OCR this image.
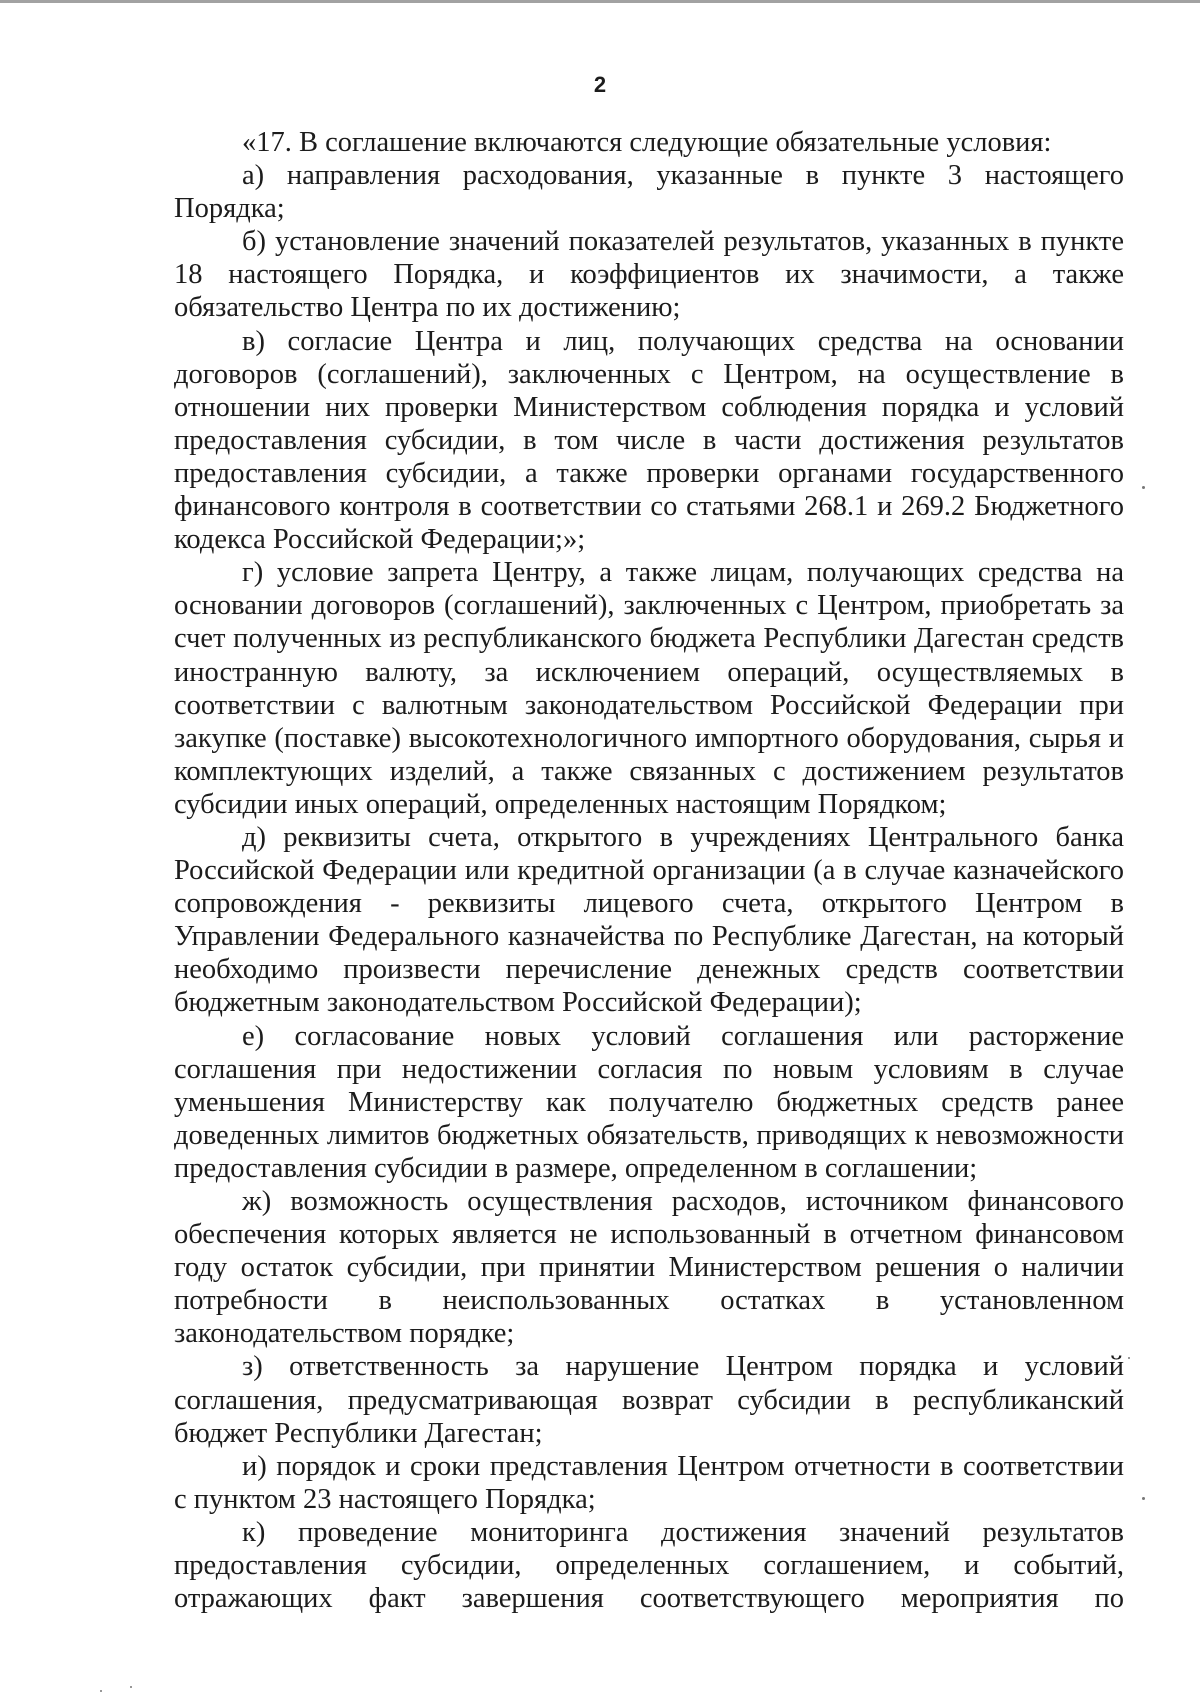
2

«17. В соглашение включаются следующие обязательные условия:

а) направления расходования, указанные в пункте 3 настоящего Порядка;

б) установление значений показателей результатов, указанных в пункте 18 настоящего Порядка, и коэффициентов их значимости, а также обязательство Центра по их достижению;

в) согласие Центра и лиц, получающих средства на основании договоров (соглашений), заключенных с Центром, на осуществление в отношении них проверки Министерством соблюдения порядка и условий предоставления субсидии, в том числе в части достижения результатов предоставления субсидии, а также проверки органами государственного финансового контроля в соответствии со статьями 268.1 и 269.2 Бюджетного кодекса Российской Федерации;»;

г) условие запрета Центру, а также лицам, получающих средства на основании договоров (соглашений), заключенных с Центром, приобретать за счет полученных из республиканского бюджета Республики Дагестан средств иностранную валюту, за исключением операций, осуществляемых в соответствии с валютным законодательством Российской Федерации при закупке (поставке) высокотехнологичного импортного оборудования, сырья и комплектующих изделий, а также связанных с достижением результатов субсидии иных операций, определенных настоящим Порядком;

д) реквизиты счета, открытого в учреждениях Центрального банка Российской Федерации или кредитной организации (а в случае казначейского сопровождения - реквизиты лицевого счета, открытого Центром в Управлении Федерального казначейства по Республике Дагестан, на который необходимо произвести перечисление денежных средств соответствии бюджетным законодательством Российской Федерации);

е) согласование новых условий соглашения или расторжение соглашения при недостижении согласия по новым условиям в случае уменьшения Министерству как получателю бюджетных средств ранее доведенных лимитов бюджетных обязательств, приводящих к невозможности предоставления субсидии в размере, определенном в соглашении;

ж) возможность осуществления расходов, источником финансового обеспечения которых является не использованный в отчетном финансовом году остаток субсидии, при принятии Министерством решения о наличии потребности в неиспользованных остатках в установленном законодательством порядке;

з) ответственность за нарушение Центром порядка и условий соглашения, предусматривающая возврат субсидии в республиканский бюджет Республики Дагестан;

и) порядок и сроки представления Центром отчетности в соответствии с пунктом 23 настоящего Порядка;

к) проведение мониторинга достижения значений результатов предоставления субсидии, определенных соглашением, и событий, отражающих факт завершения соответствующего мероприятия по
